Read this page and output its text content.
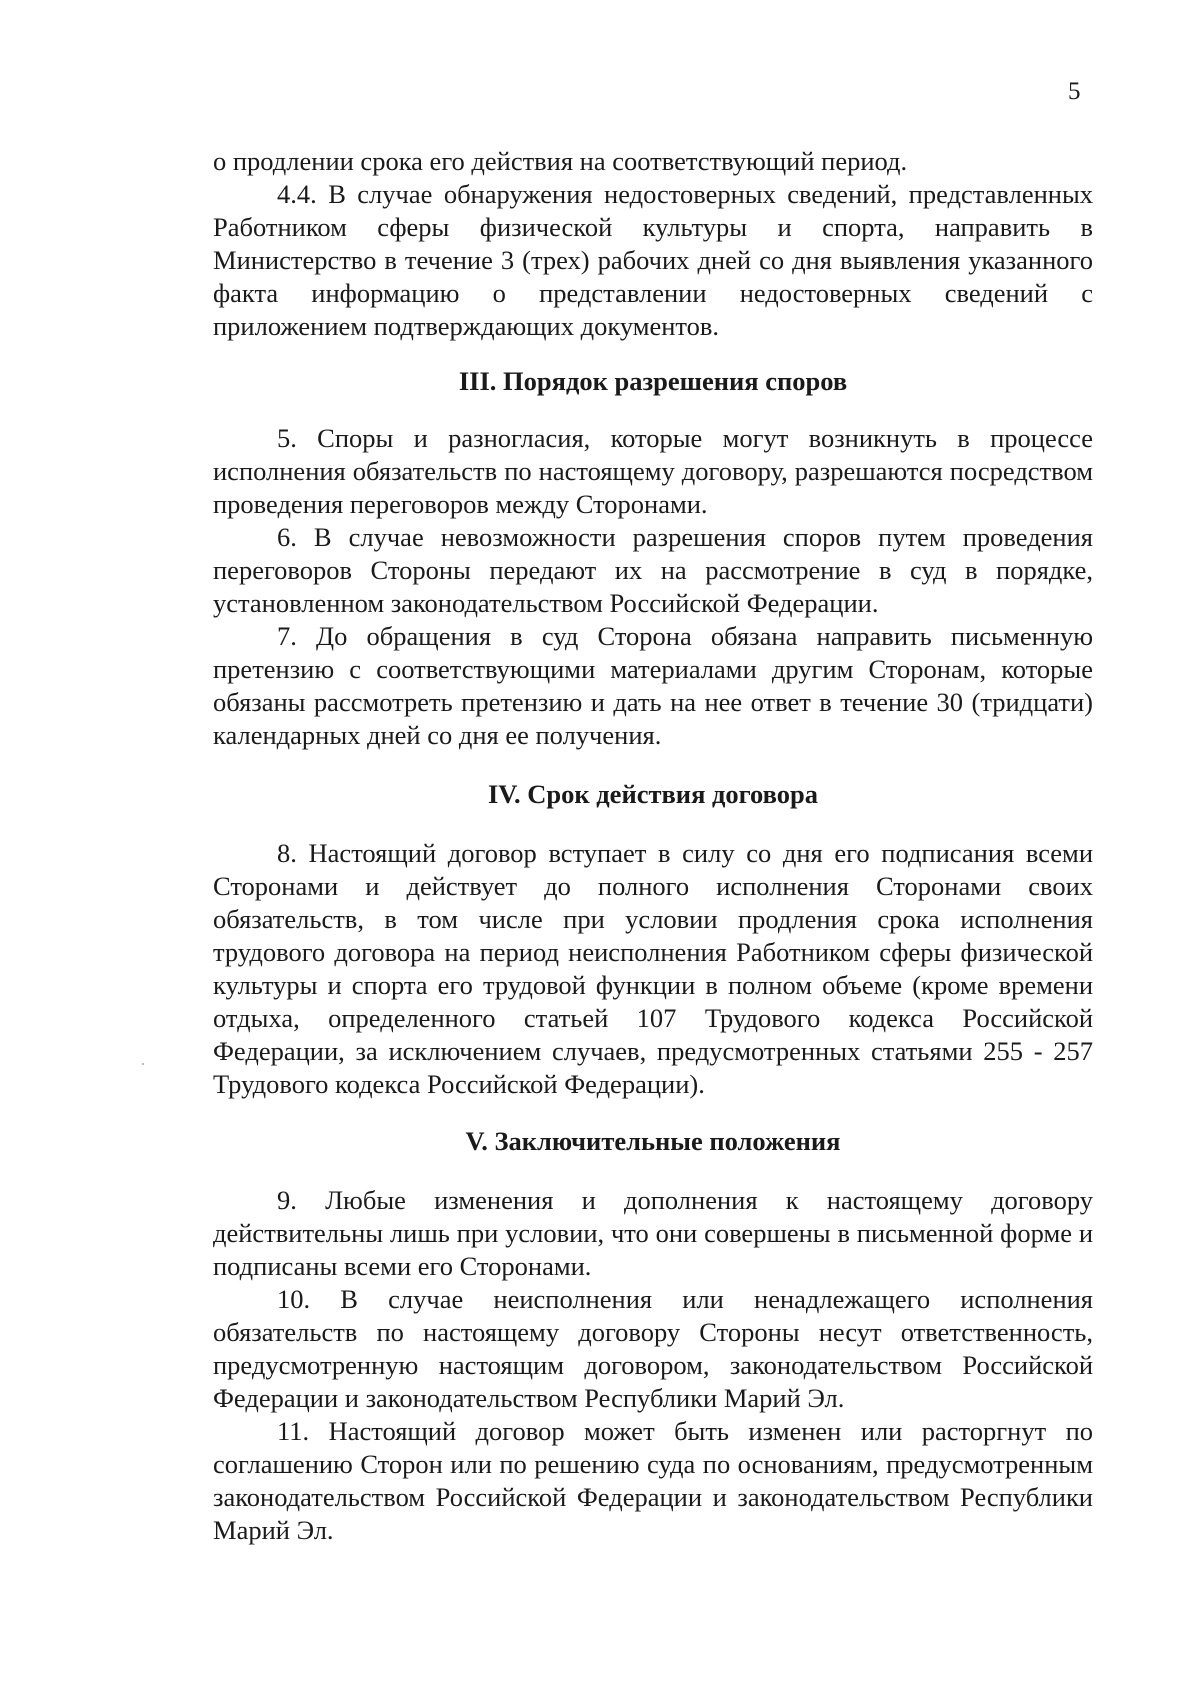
5

о продлении срока его действия на соответствующий период.

4.4. В случае обнаружения недостоверных сведений, представленных Работником сферы физической культуры и спорта, направить в Министерство в течение 3 (трех) рабочих дней со дня выявления указанного факта информацию о представлении недостоверных сведений с приложением подтверждающих документов.

III. Порядок разрешения споров

5. Споры и разногласия, которые могут возникнуть в процессе исполнения обязательств по настоящему договору, разрешаются посредством проведения переговоров между Сторонами.

6. В случае невозможности разрешения споров путем проведения переговоров Стороны передают их на рассмотрение в суд в порядке, установленном законодательством Российской Федерации.

7. До обращения в суд Сторона обязана направить письменную претензию с соответствующими материалами другим Сторонам, которые обязаны рассмотреть претензию и дать на нее ответ в течение 30 (тридцати) календарных дней со дня ее получения.

IV. Срок действия договора

8. Настоящий договор вступает в силу со дня его подписания всеми Сторонами и действует до полного исполнения Сторонами своих обязательств, в том числе при условии продления срока исполнения трудового договора на период неисполнения Работником сферы физической культуры и спорта его трудовой функции в полном объеме (кроме времени отдыха, определенного статьей 107 Трудового кодекса Российской Федерации, за исключением случаев, предусмотренных статьями 255 - 257 Трудового кодекса Российской Федерации).

V. Заключительные положения

9. Любые изменения и дополнения к настоящему договору действительны лишь при условии, что они совершены в письменной форме и подписаны всеми его Сторонами.

10. В случае неисполнения или ненадлежащего исполнения обязательств по настоящему договору Стороны несут ответственность, предусмотренную настоящим договором, законодательством Российской Федерации и законодательством Республики Марий Эл.

11. Настоящий договор может быть изменен или расторгнут по соглашению Сторон или по решению суда по основаниям, предусмотренным законодательством Российской Федерации и законодательством Республики Марий Эл.
